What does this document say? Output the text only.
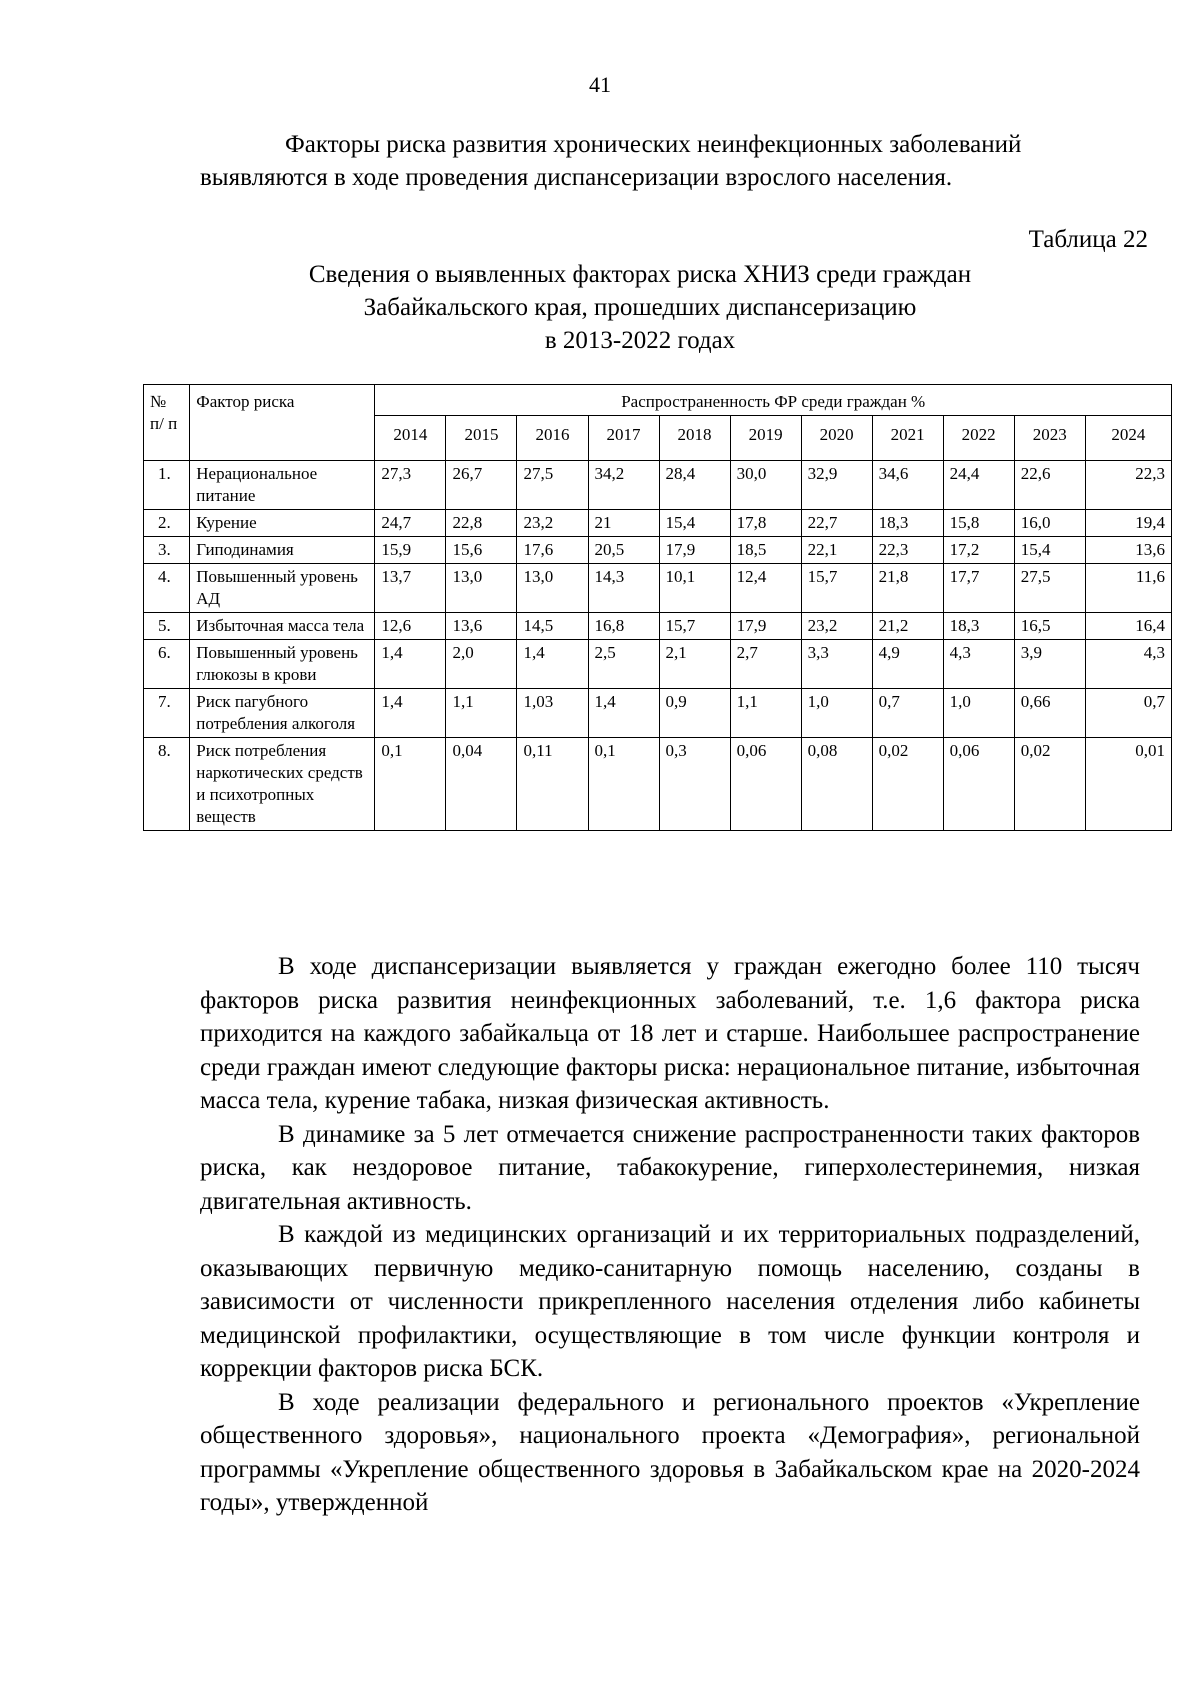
41
Факторы риска развития хронических неинфекционных заболеваний
выявляются в ходе проведения диспансеризации взрослого населения.
Таблица 22
Сведения о выявленных факторах риска ХНИЗ среди граждан
Забайкальского края, прошедших диспансеризацию
в 2013-2022 годах
№ п/ п	Фактор риска	Распространенность ФР среди граждан %										
		2014	2015	2016	2017	2018	2019	2020	2021	2022	2023	2024
1.	Нерациональное питание	27,3	26,7	27,5	34,2	28,4	30,0	32,9	34,6	24,4	22,6	22,3
2.	Курение	24,7	22,8	23,2	21	15,4	17,8	22,7	18,3	15,8	16,0	19,4
3.	Гиподинамия	15,9	15,6	17,6	20,5	17,9	18,5	22,1	22,3	17,2	15,4	13,6
4.	Повышенный уровень АД	13,7	13,0	13,0	14,3	10,1	12,4	15,7	21,8	17,7	27,5	11,6
5.	Избыточная масса тела	12,6	13,6	14,5	16,8	15,7	17,9	23,2	21,2	18,3	16,5	16,4
6.	Повышенный уровень глюкозы в крови	1,4	2,0	1,4	2,5	2,1	2,7	3,3	4,9	4,3	3,9	4,3
7.	Риск пагубного потребления алкоголя	1,4	1,1	1,03	1,4	0,9	1,1	1,0	0,7	1,0	0,66	0,7
8.	Риск потребления наркотических средств и психотропных веществ	0,1	0,04	0,11	0,1	0,3	0,06	0,08	0,02	0,06	0,02	0,01

В ходе диспансеризации выявляется у граждан ежегодно более 110 тысяч факторов риска развития неинфекционных заболеваний, т.е. 1,6 фактора риска приходится на каждого забайкальца от 18 лет и старше. Наибольшее распространение среди граждан имеют следующие факторы риска: нерациональное питание, избыточная масса тела, курение табака, низкая физическая активность.

В динамике за 5 лет отмечается снижение распространенности таких факторов риска, как нездоровое питание, табакокурение, гиперхолестеринемия, низкая двигательная активность.

В каждой из медицинских организаций и их территориальных подразделений, оказывающих первичную медико-санитарную помощь населению, созданы в зависимости от численности прикрепленного населения отделения либо кабинеты медицинской профилактики, осуществляющие в том числе функции контроля и коррекции факторов риска БСК.

В ходе реализации федерального и регионального проектов «Укрепление общественного здоровья», национального проекта «Демография», региональной программы «Укрепление общественного здоровья в Забайкальском крае на 2020-2024 годы», утвержденной
